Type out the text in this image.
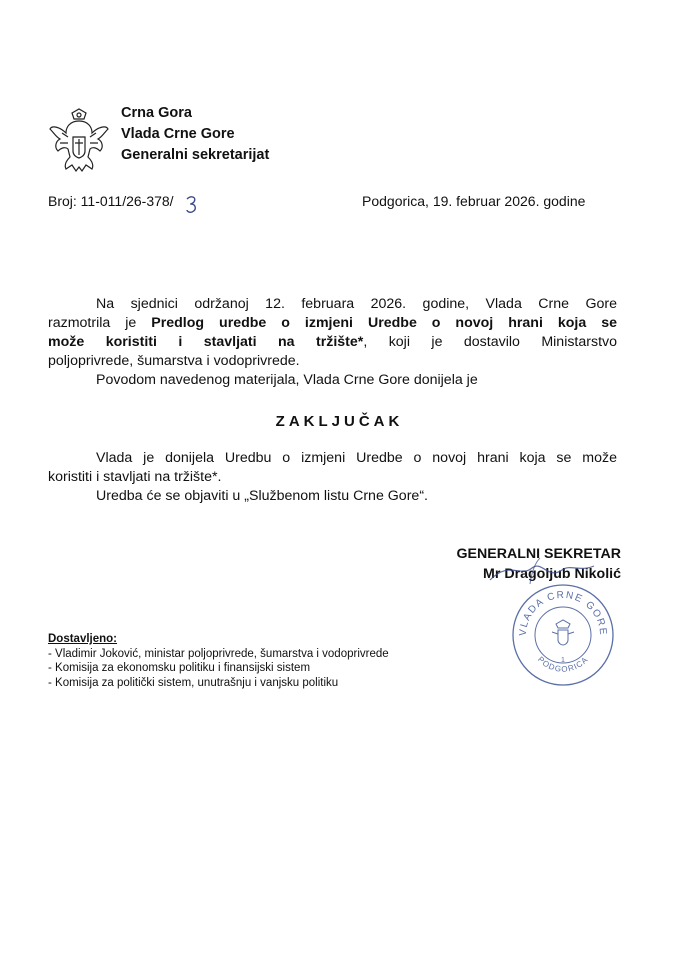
Crna Gora
Vlada Crne Gore
Generalni sekretarijat
Broj: 11-011/26-378/	Podgorica, 19. februar 2026. godine
Na sjednici održanoj 12. februara 2026. godine, Vlada Crne Gore
razmotrila je Predlog uredbe o izmjeni Uredbe o novoj hrani koja se
može koristiti i stavljati na tržište*, koji je dostavilo Ministarstvo
poljoprivrede, šumarstva i vodoprivrede.
Povodom navedenog materijala, Vlada Crne Gore donijela je
ZAKLJUČAK
Vlada je donijela Uredbu o izmjeni Uredbe o novoj hrani koja se može
koristiti i stavljati na tržište*.
Uredba će se objaviti u „Službenom listu Crne Gore“.
GENERALNI SEKRETAR
Mr Dragoljub Nikolić
VLADA CRNE GORE
PODGORICA
1
Dostavljeno:
- Vladimir Joković, ministar poljoprivrede, šumarstva i vodoprivrede
- Komisija za ekonomsku politiku i finansijski sistem
- Komisija za politički sistem, unutrašnju i vanjsku politiku
